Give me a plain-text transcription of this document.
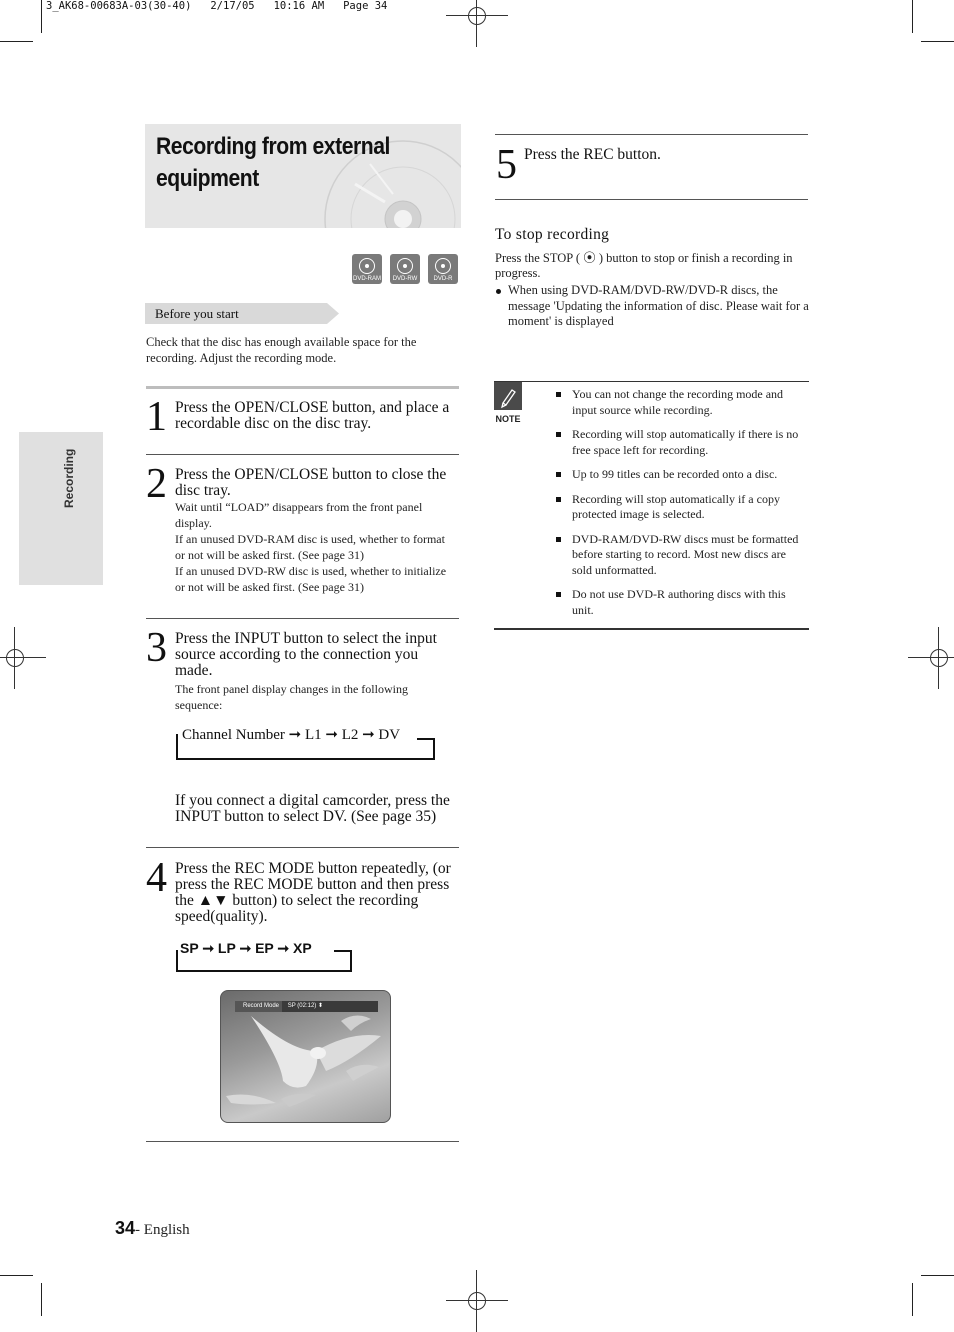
3_AK68-00683A-03(30-40)   2/17/05   10:16 AM   Page 34
Recording
Recording from external
equipment
DVD-RAM	DVD-RW	DVD-R
Before you start
Check that the disc has enough available space for the recording. Adjust the recording mode.
1 Press the OPEN/CLOSE button, and place a recordable disc on the disc tray.

2 Press the OPEN/CLOSE button to close the disc tray.

Wait until “LOAD” disappears from the front panel display.

If an unused DVD-RAM disc is used, whether to format or not will be asked first. (See page 31)

If an unused DVD-RW disc is used, whether to initialize or not will be asked first. (See page 31)

3 Press the INPUT button to select the input source according to the connection you made.

The front panel display changes in the following sequence:

Channel Number ➞ L1 ➞ L2 ➞ DV
If you connect a digital camcorder, press the INPUT button to select DV. (See page 35)
4 Press the REC MODE button repeatedly, (or press the REC MODE button and then press the ▲▼ button) to select the recording speed(quality).

SP ➞ LP ➞ EP ➞ XP
Record Mode SP (02:12) ⬍
5 Press the REC button.

To stop recording
Press the STOP ( ⦿ ) button to stop or finish a recording in progress.
When using DVD-RAM/DVD-RW/DVD-R discs, the message 'Updating the information of disc. Please wait for a moment' is displayed
NOTE
You can not change the recording mode and input source while recording.
Recording will stop automatically if there is no free space left for recording.
Up to 99 titles can be recorded onto a disc.
Recording will stop automatically if a copy protected image is selected.
DVD-RAM/DVD-RW discs must be formatted before starting to record. Most new discs are sold unformatted.
Do not use DVD-R authoring discs with this unit.
34- English
